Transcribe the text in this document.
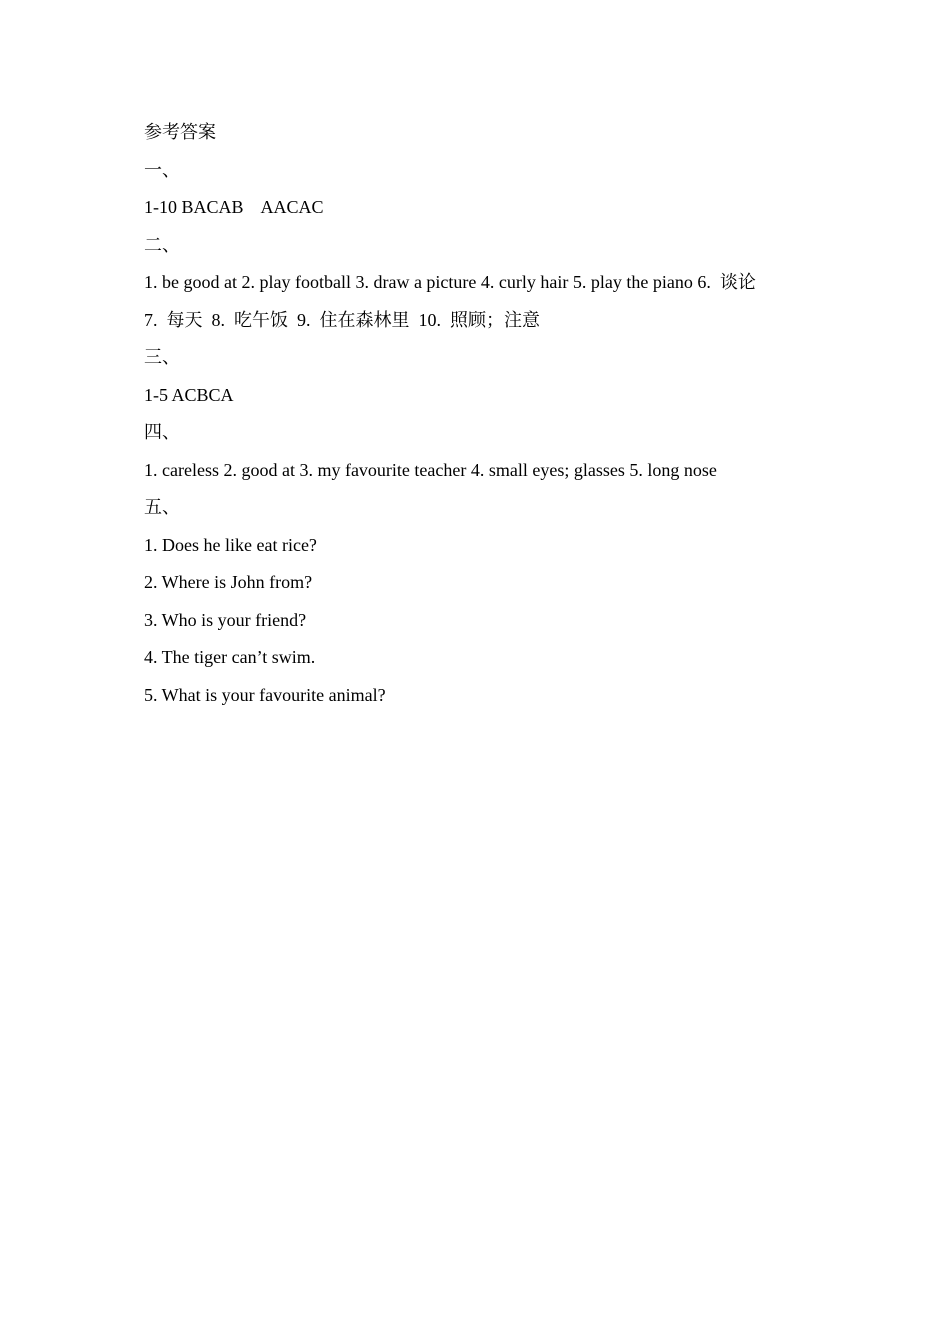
参考答案
一、
1-10 BACAB    AACAC
二、
1. be good at 2. play football 3. draw a picture 4. curly hair 5. play the piano 6.  谈论
7.  每天  8.  吃午饭  9.  住在森林里  10.  照顾；注意
三、
1-5 ACBCA
四、
1. careless 2. good at 3. my favourite teacher 4. small eyes; glasses 5. long nose
五、
1. Does he like eat rice?
2. Where is John from?
3. Who is your friend?
4. The tiger can’t swim.
5. What is your favourite animal?
